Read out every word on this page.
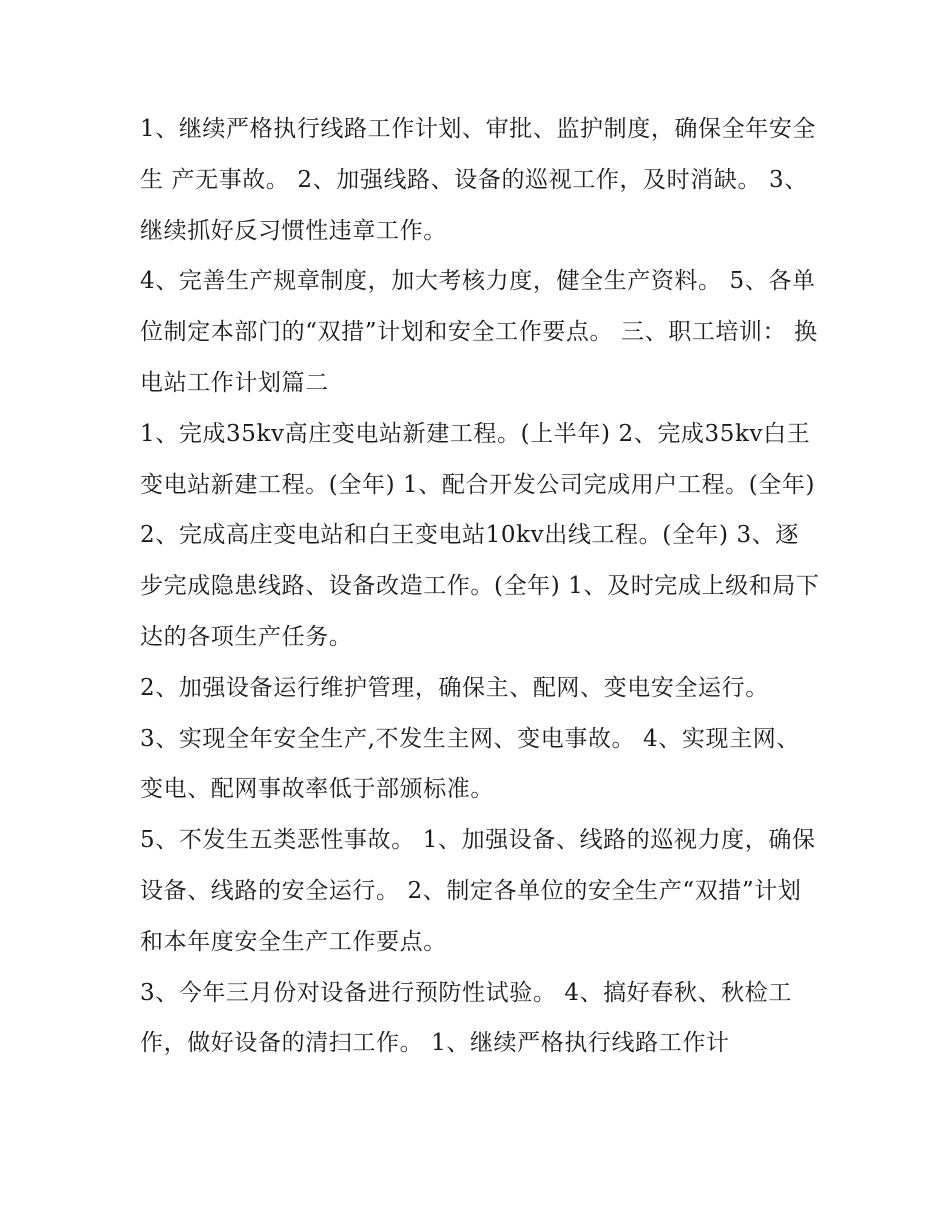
1、继续严格执行线路工作计划、审批、监护制度，确保全年安全生 产无事故。 2、加强线路、设备的巡视工作，及时消缺。 3、继续抓好反习惯性违章工作。

4、完善生产规章制度，加大考核力度，健全生产资料。 5、各单位制定本部门的“双措”计划和安全工作要点。 三、职工培训： 换电站工作计划篇二

1、完成35kv高庄变电站新建工程。(上半年) 2、完成35kv白王变电站新建工程。(全年) 1、配合开发公司完成用户工程。(全年)

2、完成高庄变电站和白王变电站10kv出线工程。(全年) 3、逐步完成隐患线路、设备改造工作。(全年) 1、及时完成上级和局下达的各项生产任务。

2、加强设备运行维护管理，确保主、配网、变电安全运行。

3、实现全年安全生产,不发生主网、变电事故。 4、实现主网、变电、配网事故率低于部颁标准。

5、不发生五类恶性事故。 1、加强设备、线路的巡视力度，确保设备、线路的安全运行。 2、制定各单位的安全生产“双措”计划和本年度安全生产工作要点。

3、今年三月份对设备进行预防性试验。 4、搞好春秋、秋检工作，做好设备的清扫工作。 1、继续严格执行线路工作计
